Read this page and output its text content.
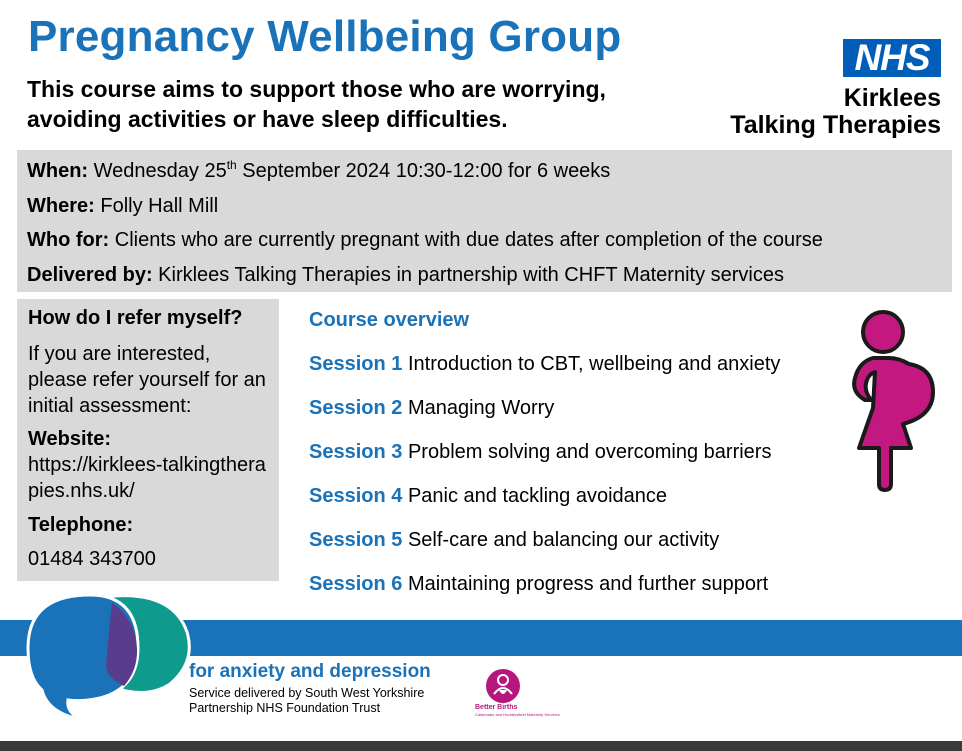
Pregnancy Wellbeing Group
This course aims to support those who are worrying, avoiding activities or have sleep difficulties.
NHS
Kirklees
Talking Therapies
When: Wednesday 25th September 2024 10:30-12:00 for 6 weeks
Where: Folly Hall Mill
Who for: Clients who are currently pregnant with due dates after completion of the course
Delivered by: Kirklees Talking Therapies in partnership with CHFT Maternity services
How do I refer myself?
If you are interested, please refer yourself for an initial assessment:
Website:
https://kirklees-talkingtherapies.nhs.uk/
Telephone:
01484 343700
Course overview
Session 1 Introduction to CBT, wellbeing and anxiety
Session 2 Managing Worry
Session 3 Problem solving and overcoming barriers
Session 4 Panic and tackling avoidance
Session 5 Self-care and balancing our activity
Session 6 Maintaining progress and further support
for anxiety and depression
Service delivered by South West Yorkshire
Partnership NHS Foundation Trust	Better Births
Calderdale and Huddersfield Maternity Services
